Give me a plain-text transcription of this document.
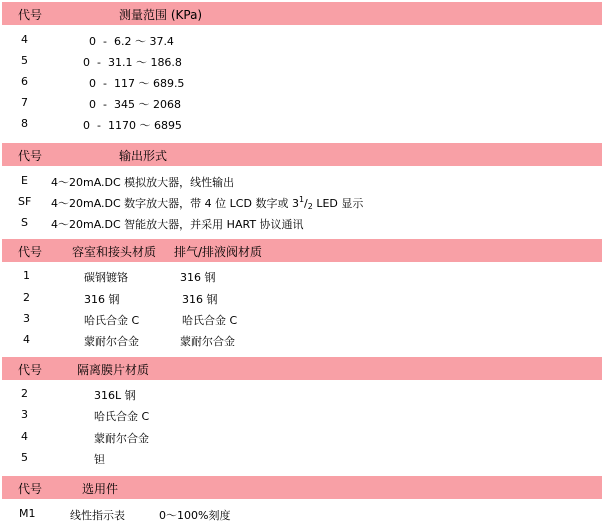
代号	测量范围 (KPa)
4	0  -  6.2 ～ 37.4
5	0  -  31.1 ～ 186.8
6	0  -  117 ～ 689.5
7	0  -  345 ～ 2068
8	0  -  1170 ～ 6895
代号	输出形式
E 4～20mA.DC 模拟放大器，线性输出
SF 4～20mA.DC 数字放大器，带 4 位 LCD 数字或 $3^1/2$ LED 显示
S 4～20mA.DC 智能放大器，并采用 HART 协议通讯
代号 容室和接头材质 排气/排液阀材质
1	碳钢镀铬	316 钢
2	316 钢	316 钢
3	哈氏合金 C	哈氏合金 C
4	蒙耐尔合金	蒙耐尔合金
代号	隔离膜片材质
2	316L 钢
3	哈氏合金 C
4	蒙耐尔合金
5	钽
代号	选用件
M1	线性指示表	0～100%刻度
